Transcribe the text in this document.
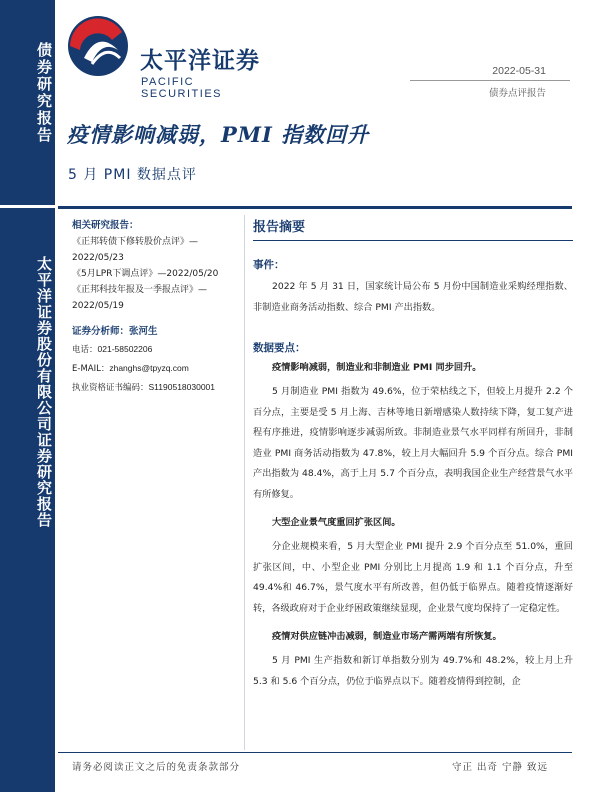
债券研究报告
太平洋证券股份有限公司证券研究报告
太平洋证券
PACIFIC SECURITIES
2022-05-31
债券点评报告
疫情影响减弱，PMI 指数回升
5 月 PMI 数据点评
相关研究报告：
《正邦转债下修转股价点评》—
2022/05/23
《5月LPR下调点评》—2022/05/20
《正邦科技年报及一季报点评》—
2022/05/19
证券分析师：张河生
电话：021-58502206
E-MAIL：zhanghs@tpyzq.com
执业资格证书编码：S1190518030001
报告摘要
事件：

2022 年 5 月 31 日，国家统计局公布 5 月份中国制造业采购经理指数、非制造业商务活动指数、综合 PMI 产出指数。

数据要点：
疫情影响减弱，制造业和非制造业 PMI 同步回升。

5 月制造业 PMI 指数为 49.6%，位于荣枯线之下，但较上月提升 2.2 个百分点，主要是受 5 月上海、吉林等地日新增感染人数持续下降，复工复产进程有序推进，疫情影响逐步减弱所致。非制造业景气水平同样有所回升，非制造业 PMI 商务活动指数为 47.8%，较上月大幅回升 5.9 个百分点。综合 PMI 产出指数为 48.4%，高于上月 5.7 个百分点，表明我国企业生产经营景气水平有所修复。

大型企业景气度重回扩张区间。

分企业规模来看，5 月大型企业 PMI 提升 2.9 个百分点至 51.0%，重回扩张区间，中、小型企业 PMI 分别比上月提高 1.9 和 1.1 个百分点，升至 49.4%和 46.7%，景气度水平有所改善，但仍低于临界点。随着疫情逐渐好转，各级政府对于企业纾困政策继续显现，企业景气度均保持了一定稳定性。

疫情对供应链冲击减弱，制造业市场产需两端有所恢复。

5 月 PMI 生产指数和新订单指数分别为 49.7%和 48.2%，较上月上升 5.3 和 5.6 个百分点，仍位于临界点以下。随着疫情得到控制，企

请务必阅读正文之后的免责条款部分	守正 出奇 宁静 致远
